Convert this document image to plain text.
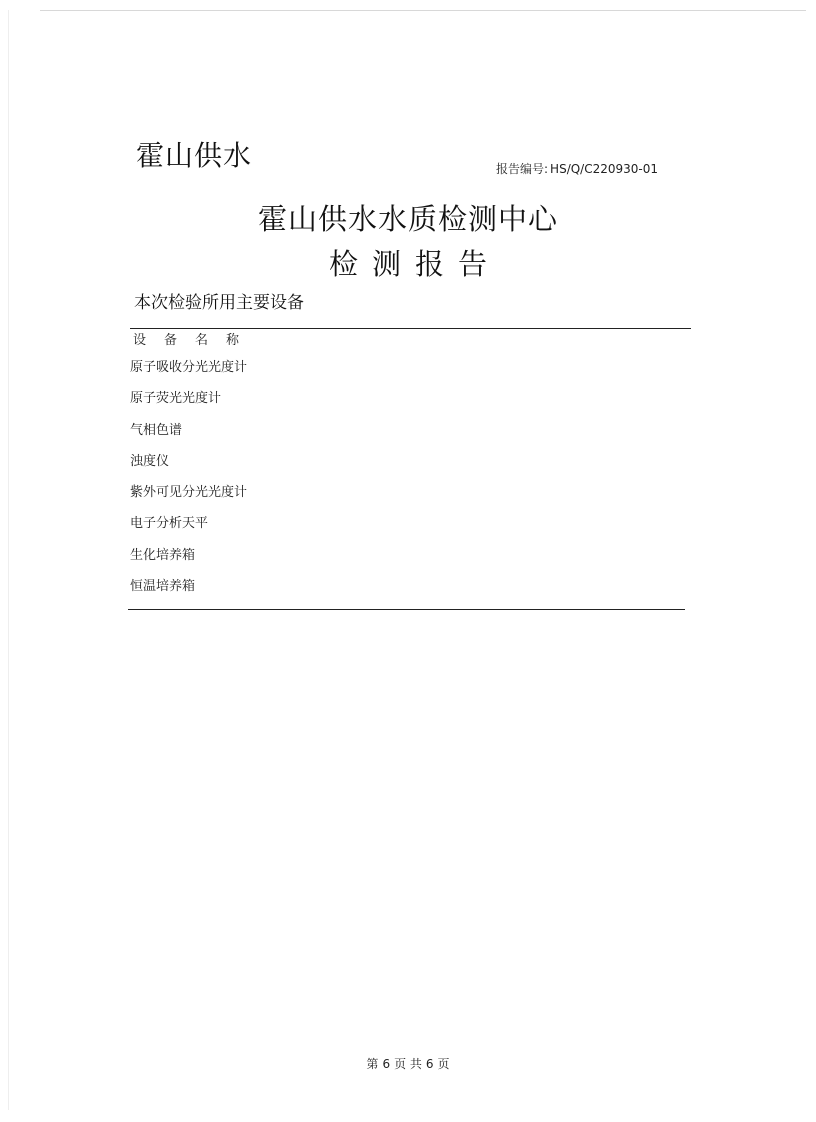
霍山供水	报告编号: HS/Q/C220930-01
霍山供水水质检测中心
检测报告
本次检验所用主要设备
设备名称
原子吸收分光光度计
原子荧光光度计
气相色谱
浊度仪
紫外可见分光光度计
电子分析天平
生化培养箱
恒温培养箱
第 6 页 共 6 页
